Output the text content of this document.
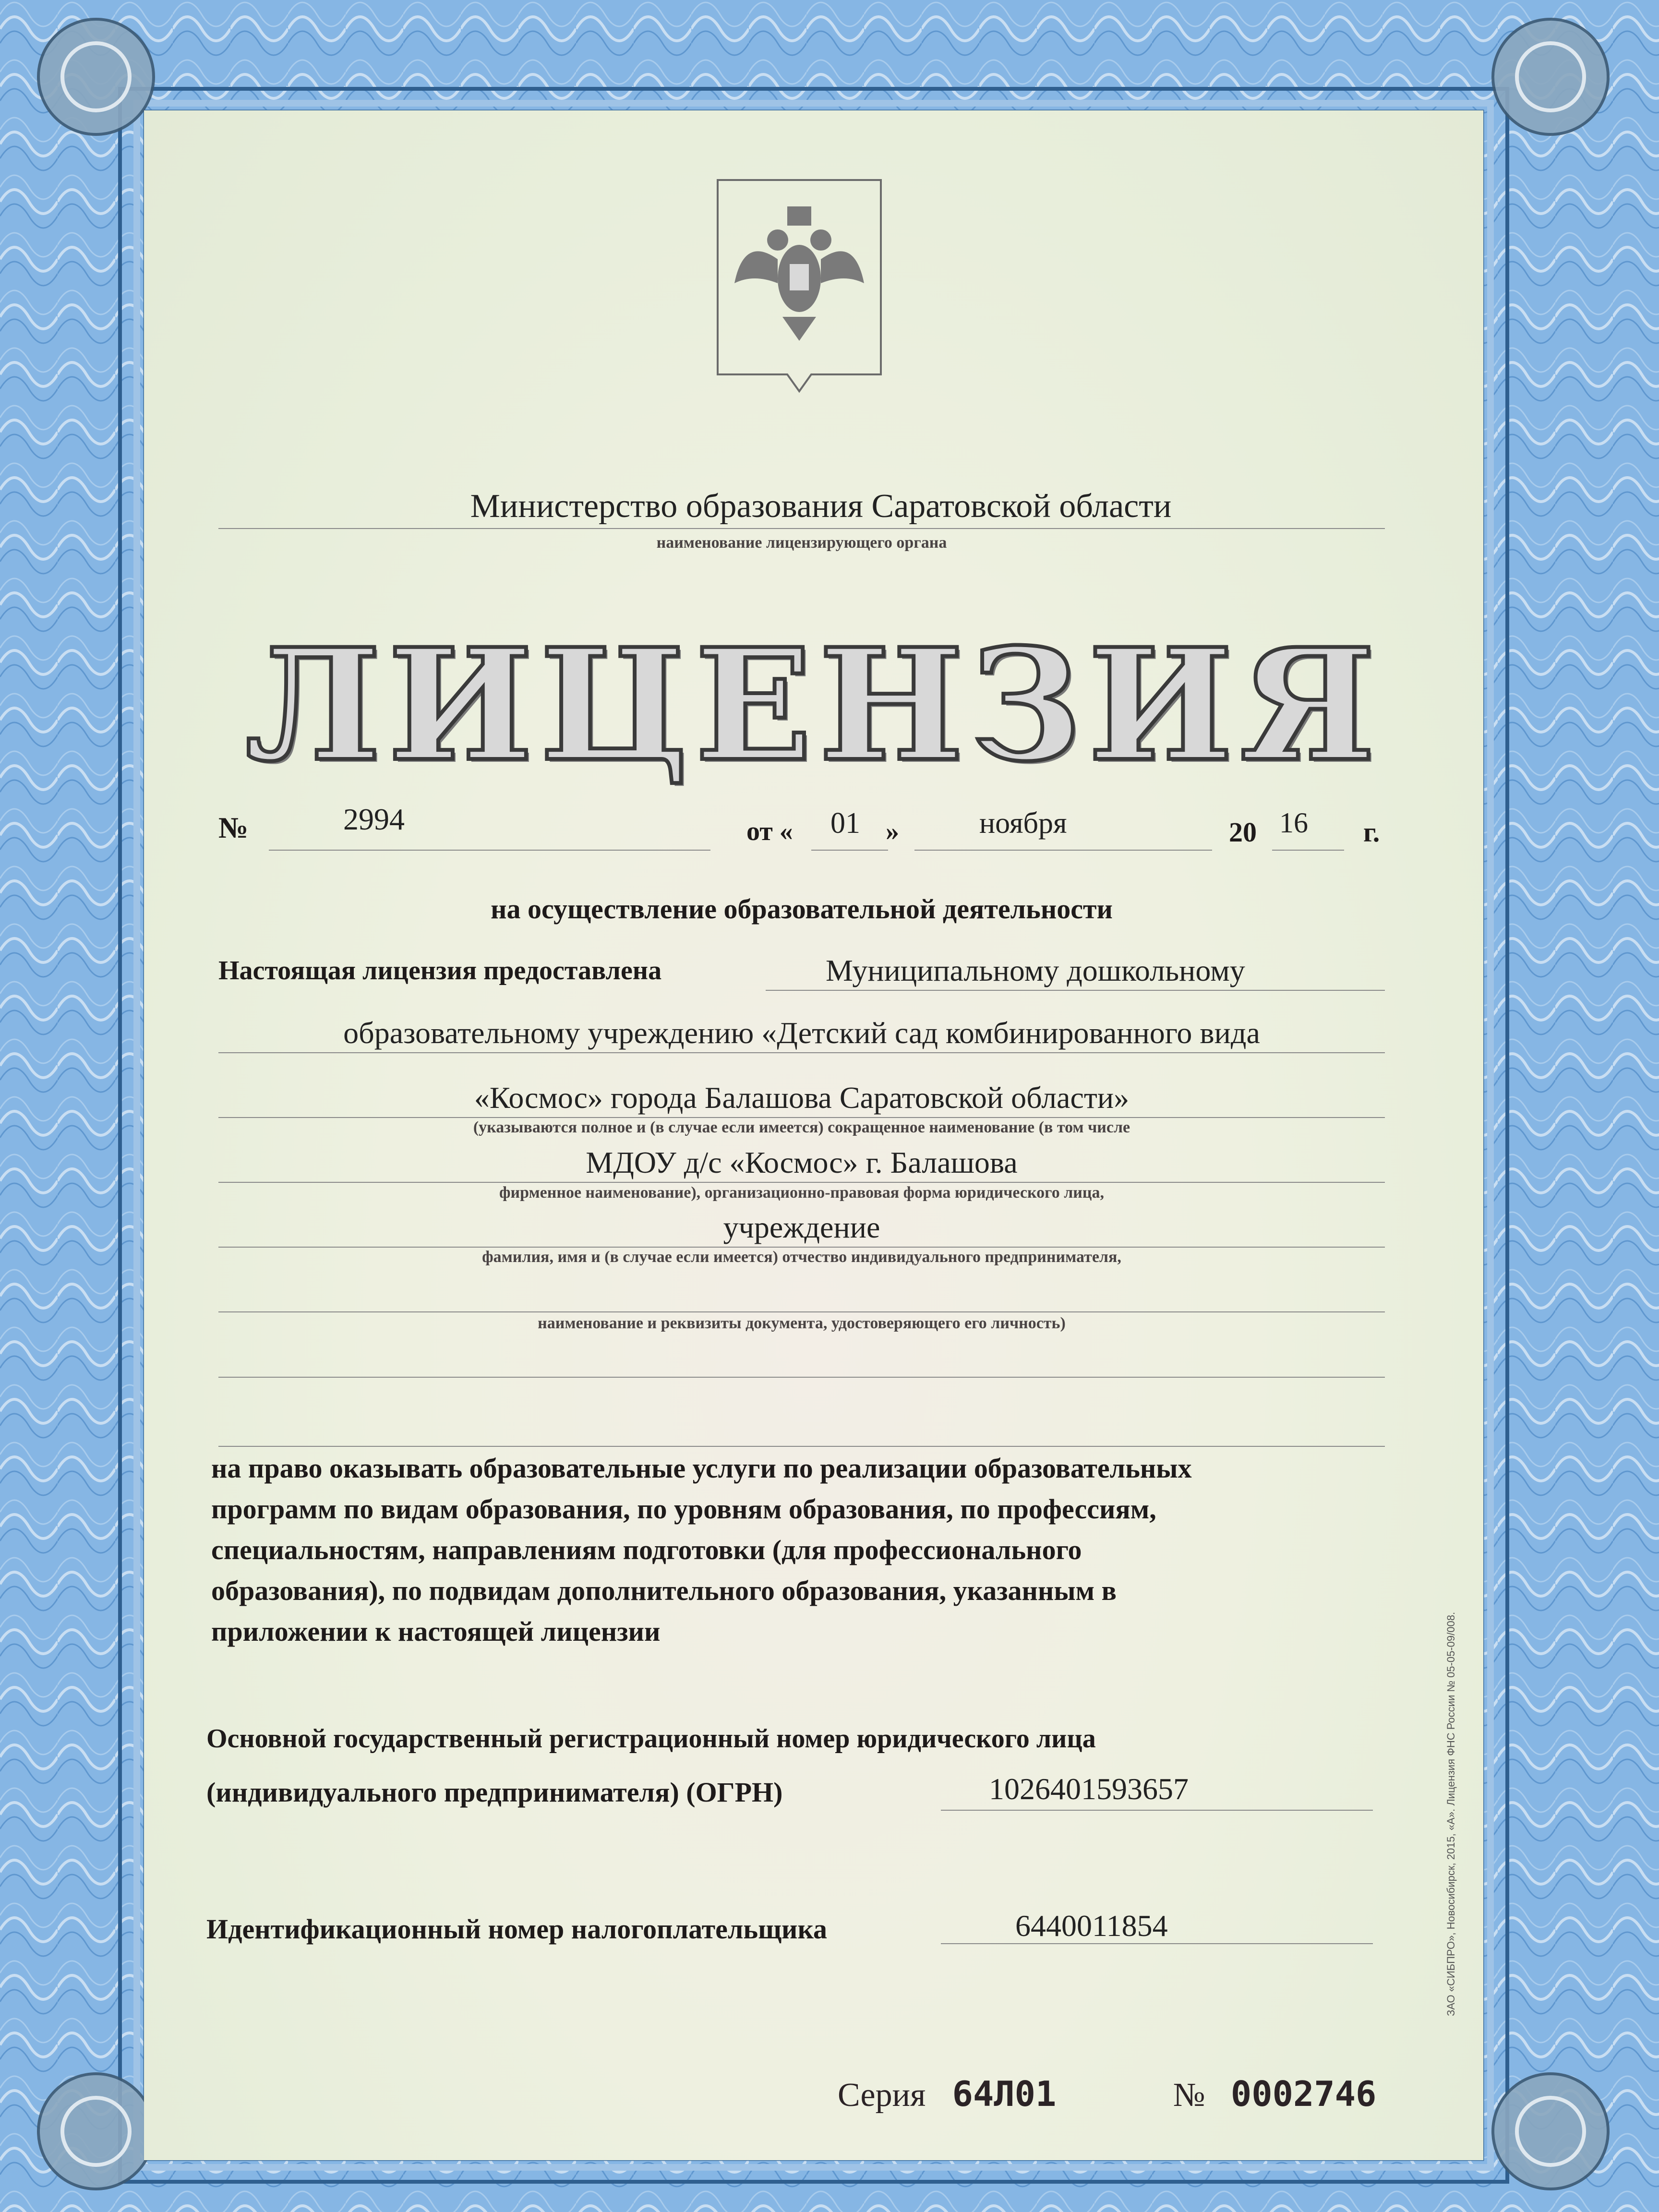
Министерство образования Саратовской области
наименование лицензирующего органа
ЛИЦЕНЗИЯ
№	2994	от « 01 »	ноября	20 16 г.
на осуществление образовательной деятельности
Настоящая лицензия предоставлена	Муниципальному дошкольному
образовательному учреждению «Детский сад комбинированного вида
«Космос» города Балашова Саратовской области»
(указываются полное и (в случае если имеется) сокращенное наименование (в том числе
МДОУ д/с «Космос» г. Балашова
фирменное наименование), организационно-правовая форма юридического лица,
учреждение
фамилия, имя и (в случае если имеется) отчество индивидуального предпринимателя,
наименование и реквизиты документа, удостоверяющего его личность)
на право оказывать образовательные услуги по реализации образовательных
программ по видам образования, по уровням образования, по профессиям,
специальностям, направлениям подготовки (для профессионального
образования), по подвидам дополнительного образования, указанным в
приложении к настоящей лицензии
Основной государственный регистрационный номер юридического лица
(индивидуального предпринимателя) (ОГРН)	1026401593657
Идентификационный номер налогоплательщика	6440011854
Серия 64Л01	№ 0002746
ЗАО «СИБПРО», Новосибирск, 2015, «А». Лицензия ФНС России № 05-05-09/008.
